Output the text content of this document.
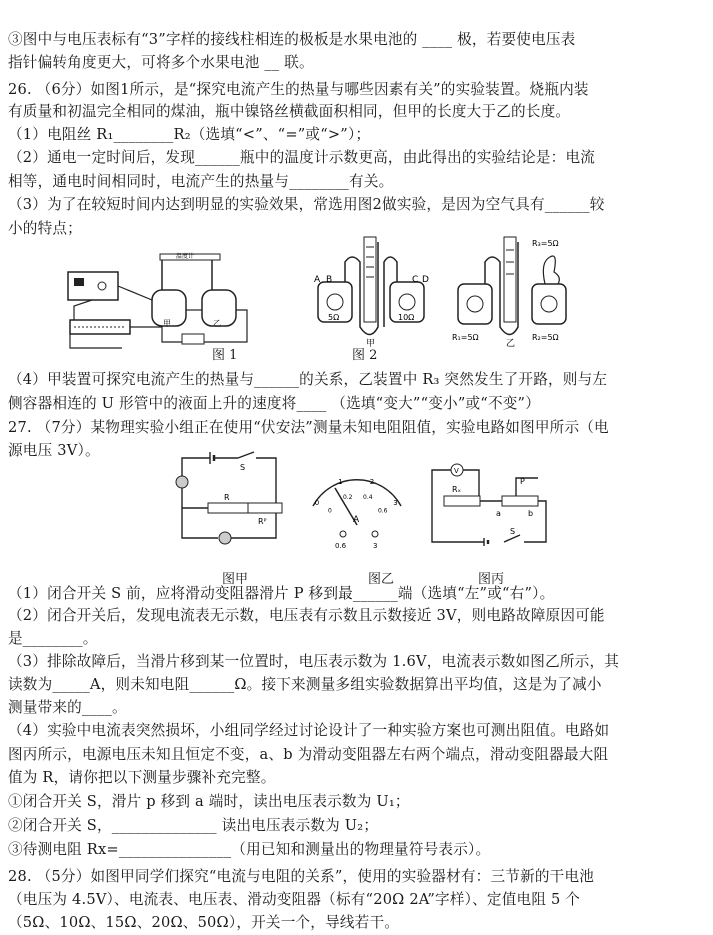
③图中与电压表标有“3”字样的接线柱相连的极板是水果电池的 ____ 极，若要使电压表
指针偏转角度更大，可将多个水果电池 __ 联。
26. （6分）如图1所示，是“探究电流产生的热量与哪些因素有关”的实验装置。烧瓶内装
有质量和初温完全相同的煤油，瓶中镍铬丝横截面积相同，但甲的长度大于乙的长度。
（1）电阻丝 R₁________R₂（选填“<”、“=”或“>”）；
（2）通电一定时间后，发现______瓶中的温度计示数更高，由此得出的实验结论是：电流
相等，通电时间相同时，电流产生的热量与________有关。
（3）为了在较短时间内达到明显的实验效果，常选用图2做实验，是因为空气具有______较
小的特点；
（4）甲装置可探究电流产生的热量与______的关系，乙装置中 R₃ 突然发生了开路，则与左
侧容器相连的 U 形管中的液面上升的速度将____ （选填“变大”“变小”或“不变”）
27. （7分）某物理实验小组正在使用“伏安法”测量未知电阻阻值，实验电路如图甲所示（电
源电压 3V）。
（1）闭合开关 S 前，应将滑动变阻器滑片 P 移到最______端（选填“左”或“右”）。
（2）闭合开关后，发现电流表无示数，电压表有示数且示数接近 3V，则电路故障原因可能
是________。
（3）排除故障后，当滑片移到某一位置时，电压表示数为 1.6V，电流表示数如图乙所示，其
读数为_____A，则未知电阻______Ω。接下来测量多组实验数据算出平均值，这是为了减小
测量带来的____。
（4）实验中电流表突然损坏，小组同学经过讨论设计了一种实验方案也可测出阻值。电路如
图丙所示，电源电压未知且恒定不变，a、b 为滑动变阻器左右两个端点，滑动变阻器最大阻
值为 R，请你把以下测量步骤补充完整。
①闭合开关 S，滑片 p 移到 a 端时，读出电压表示数为 U₁；
②闭合开关 S，______________ 读出电压表示数为 U₂；
③待测电阻 Rx=_______________（用已知和测量出的物理量符号表示）。
28. （5分）如图甲同学们探究“电流与电阻的关系”，使用的实验器材有：三节新的干电池
（电压为 4.5V）、电流表、电压表、滑动变阻器（标有“20Ω 2A”字样）、定值电阻 5 个
（5Ω、10Ω、15Ω、20Ω、50Ω），开关一个，导线若干。
甲	乙
温度计
图 1
A B	C D
5Ω	10Ω
甲
R₃=5Ω
R₁=5Ω	R₂=5Ω
乙
图 2
R
Rᴾ
S
图甲
0
1	2
3
0
0.2 0.4
0.6
A
0.6	3
图乙
V
Rₓ
P
a	b
S
图丙
